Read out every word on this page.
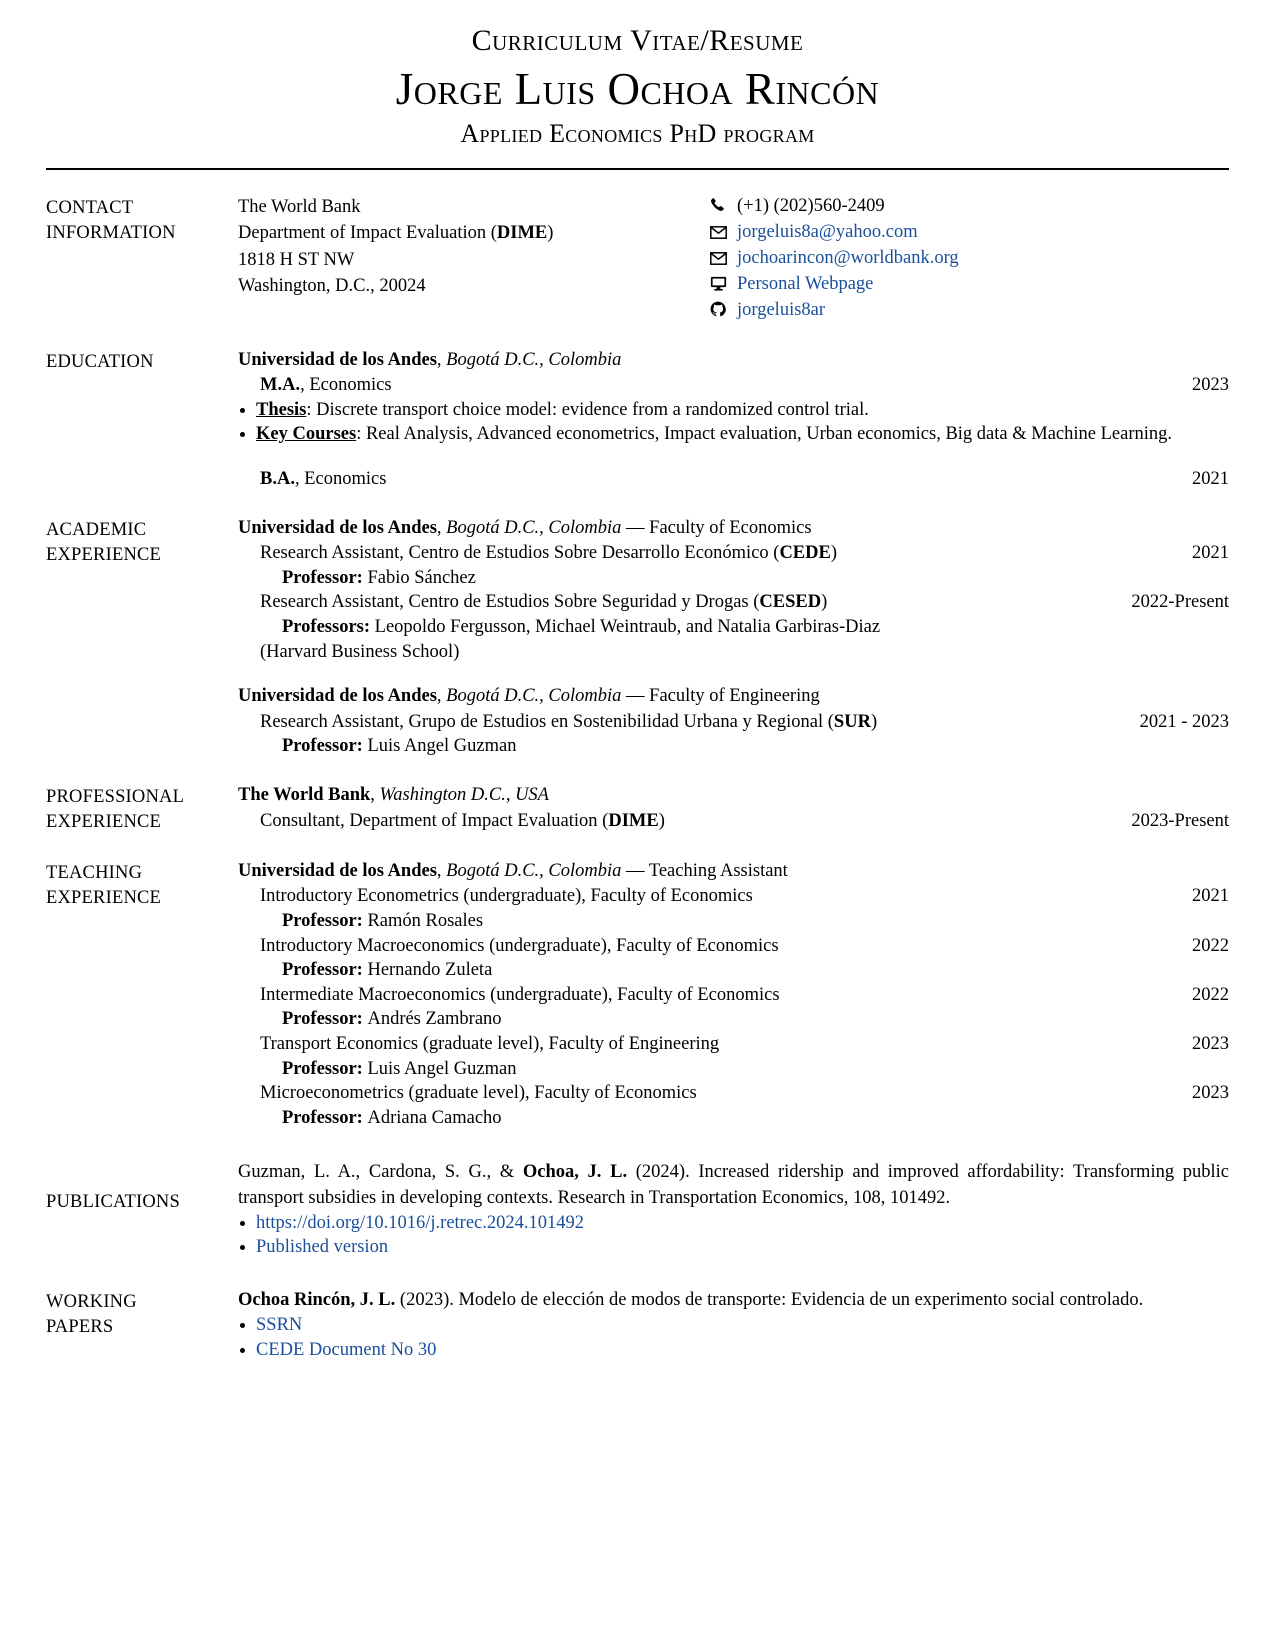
Curriculum Vitae/Resume
Jorge Luis Ochoa Rincón
Applied Economics PhD program
CONTACT
INFORMATION
The World Bank
Department of Impact Evaluation (DIME)
1818 H ST NW
Washington, D.C., 20024
(+1) (202)560-2409
jorgeluis8a@yahoo.com
jochoarincon@worldbank.org
Personal Webpage
jorgeluis8ar
EDUCATION	Universidad de los Andes, Bogotá D.C., Colombia
M.A., Economics	2023
Thesis: Discrete transport choice model: evidence from a randomized control trial.
Key Courses: Real Analysis, Advanced econometrics, Impact evaluation, Urban economics, Big data & Machine Learning.
B.A., Economics	2021
ACADEMIC
EXPERIENCE
Universidad de los Andes, Bogotá D.C., Colombia — Faculty of Economics
Research Assistant, Centro de Estudios Sobre Desarrollo Económico (CEDE)	2021
Professor: Fabio Sánchez
Research Assistant, Centro de Estudios Sobre Seguridad y Drogas (CESED)	2022-Present
Professors: Leopoldo Fergusson, Michael Weintraub, and Natalia Garbiras-Diaz
(Harvard Business School)
Universidad de los Andes, Bogotá D.C., Colombia — Faculty of Engineering
Research Assistant, Grupo de Estudios en Sostenibilidad Urbana y Regional (SUR)	2021 - 2023
Professor: Luis Angel Guzman
PROFESSIONAL
EXPERIENCE
The World Bank, Washington D.C., USA
Consultant, Department of Impact Evaluation (DIME)	2023-Present
TEACHING
EXPERIENCE
Universidad de los Andes, Bogotá D.C., Colombia — Teaching Assistant
Introductory Econometrics (undergraduate), Faculty of Economics	2021
Professor: Ramón Rosales
Introductory Macroeconomics (undergraduate), Faculty of Economics	2022
Professor: Hernando Zuleta
Intermediate Macroeconomics (undergraduate), Faculty of Economics	2022
Professor: Andrés Zambrano
Transport Economics (graduate level), Faculty of Engineering	2023
Professor: Luis Angel Guzman
Microeconometrics (graduate level), Faculty of Economics	2023
Professor: Adriana Camacho
PUBLICATIONS
Guzman, L. A., Cardona, S. G., & Ochoa, J. L. (2024). Increased ridership and improved affordability: Transforming public transport subsidies in developing contexts. Research in Transportation Economics, 108, 101492.
https://doi.org/10.1016/j.retrec.2024.101492
Published version
WORKING
PAPERS
Ochoa Rincón, J. L. (2023). Modelo de elección de modos de transporte: Evidencia de un experimento social controlado.
SSRN
CEDE Document No 30
